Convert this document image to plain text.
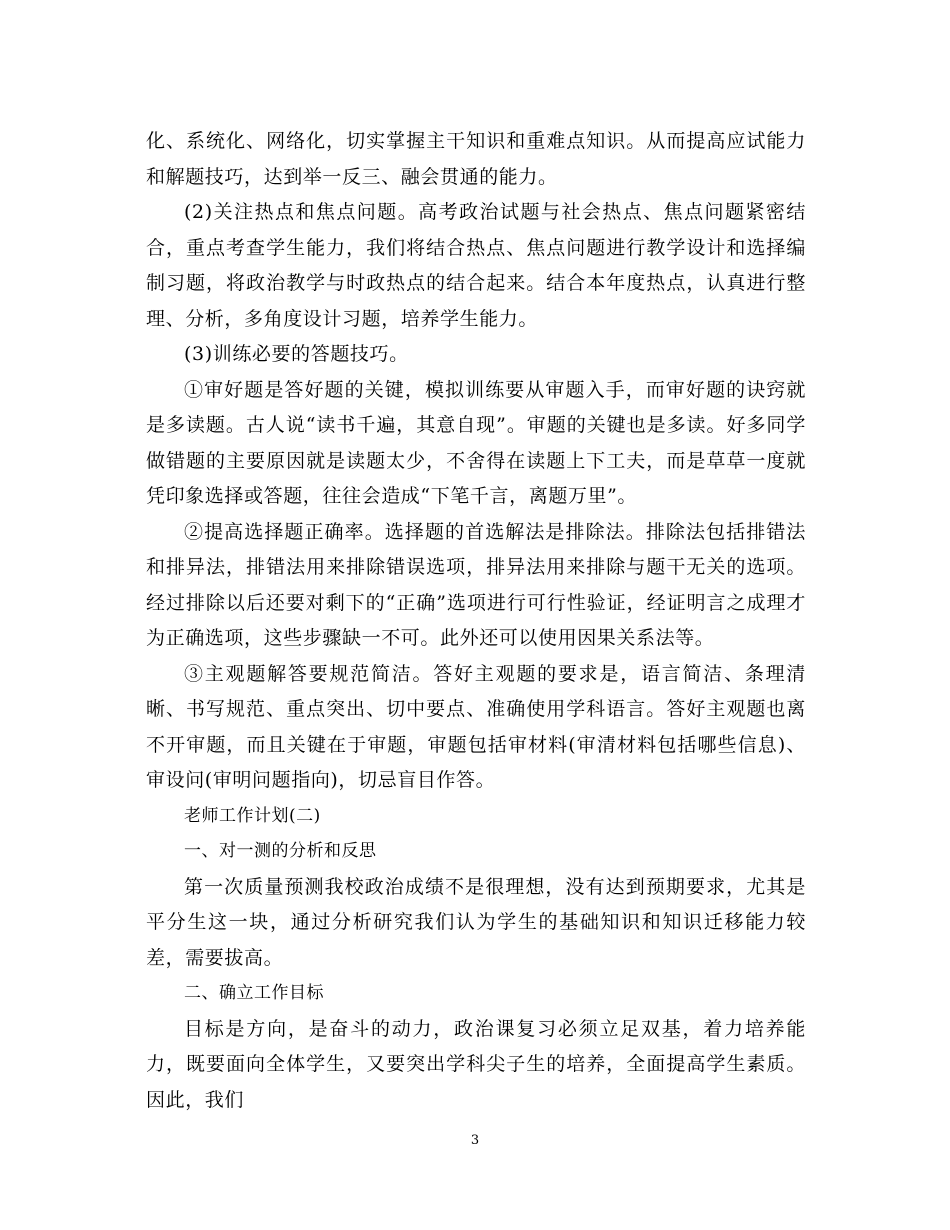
化、系统化、网络化，切实掌握主干知识和重难点知识。从而提高应试能力和解题技巧，达到举一反三、融会贯通的能力。

(2)关注热点和焦点问题。高考政治试题与社会热点、焦点问题紧密结合，重点考查学生能力，我们将结合热点、焦点问题进行教学设计和选择编制习题，将政治教学与时政热点的结合起来。结合本年度热点，认真进行整理、分析，多角度设计习题，培养学生能力。

(3)训练必要的答题技巧。

①审好题是答好题的关键，模拟训练要从审题入手，而审好题的诀窍就是多读题。古人说“读书千遍，其意自现”。审题的关键也是多读。好多同学做错题的主要原因就是读题太少，不舍得在读题上下工夫，而是草草一度就凭印象选择或答题，往往会造成“下笔千言，离题万里”。

②提高选择题正确率。选择题的首选解法是排除法。排除法包括排错法和排异法，排错法用来排除错误选项，排异法用来排除与题干无关的选项。经过排除以后还要对剩下的“正确”选项进行可行性验证，经证明言之成理才为正确选项，这些步骤缺一不可。此外还可以使用因果关系法等。

③主观题解答要规范简洁。答好主观题的要求是，语言简洁、条理清晰、书写规范、重点突出、切中要点、准确使用学科语言。答好主观题也离不开审题，而且关键在于审题，审题包括审材料(审清材料包括哪些信息)、审设问(审明问题指向)，切忌盲目作答。

老师工作计划(二)

一、对一测的分析和反思

第一次质量预测我校政治成绩不是很理想，没有达到预期要求，尤其是平分生这一块，通过分析研究我们认为学生的基础知识和知识迁移能力较差，需要拔高。

二、确立工作目标

目标是方向，是奋斗的动力，政治课复习必须立足双基，着力培养能力，既要面向全体学生，又要突出学科尖子生的培养，全面提高学生素质。因此，我们

3
